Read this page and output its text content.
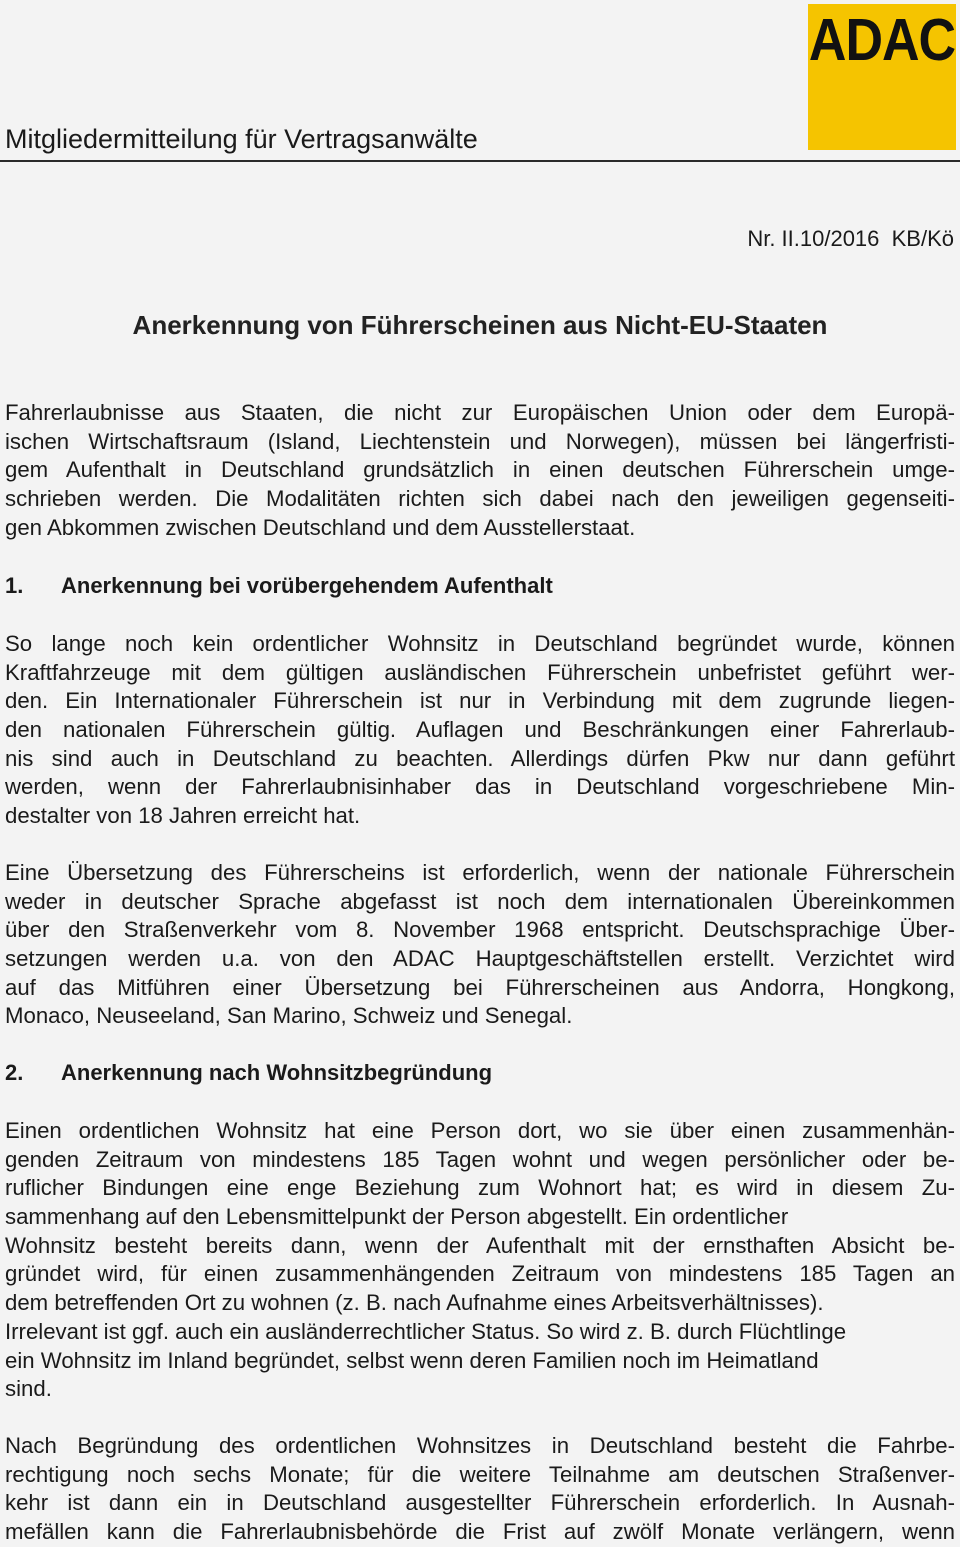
ADAC
Mitgliedermitteilung für Vertragsanwälte
Nr. II.10/2016  KB/Kö
Anerkennung von Führerscheinen aus Nicht-EU-Staaten
Fahrerlaubnisse aus Staaten, die nicht zur Europäischen Union oder dem Europä-
ischen Wirtschaftsraum (Island, Liechtenstein und Norwegen), müssen bei längerfristi-
gem Aufenthalt in Deutschland grundsätzlich in einen deutschen Führerschein umge-
schrieben werden. Die Modalitäten richten sich dabei nach den jeweiligen gegenseiti-
gen Abkommen zwischen Deutschland und dem Ausstellerstaat.
1. Anerkennung bei vorübergehendem Aufenthalt
So lange noch kein ordentlicher Wohnsitz in Deutschland begründet wurde, können
Kraftfahrzeuge mit dem gültigen ausländischen Führerschein unbefristet geführt wer-
den. Ein Internationaler Führerschein ist nur in Verbindung mit dem zugrunde liegen-
den nationalen Führerschein gültig. Auflagen und Beschränkungen einer Fahrerlaub-
nis sind auch in Deutschland zu beachten. Allerdings dürfen Pkw nur dann geführt
werden, wenn der Fahrerlaubnisinhaber das in Deutschland vorgeschriebene Min-
destalter von 18 Jahren erreicht hat.
Eine Übersetzung des Führerscheins ist erforderlich, wenn der nationale Führerschein
weder in deutscher Sprache abgefasst ist noch dem internationalen Übereinkommen
über den Straßenverkehr vom 8. November 1968 entspricht. Deutschsprachige Über-
setzungen werden u.a. von den ADAC Hauptgeschäftstellen erstellt. Verzichtet wird
auf das Mitführen einer Übersetzung bei Führerscheinen aus Andorra, Hongkong,
Monaco, Neuseeland, San Marino, Schweiz und Senegal.
2. Anerkennung nach Wohnsitzbegründung
Einen ordentlichen Wohnsitz hat eine Person dort, wo sie über einen zusammenhän-
genden Zeitraum von mindestens 185 Tagen wohnt und wegen persönlicher oder be-
ruflicher Bindungen eine enge Beziehung zum Wohnort hat; es wird in diesem Zu-
sammenhang auf den Lebensmittelpunkt der Person abgestellt. Ein ordentlicher
Wohnsitz besteht bereits dann, wenn der Aufenthalt mit der ernsthaften Absicht be-
gründet wird, für einen zusammenhängenden Zeitraum von mindestens 185 Tagen an
dem betreffenden Ort zu wohnen (z. B. nach Aufnahme eines Arbeitsverhältnisses).
Irrelevant ist ggf. auch ein ausländerrechtlicher Status. So wird z. B. durch Flüchtlinge
ein Wohnsitz im Inland begründet, selbst wenn deren Familien noch im Heimatland
sind.
Nach Begründung des ordentlichen Wohnsitzes in Deutschland besteht die Fahrbe-
rechtigung noch sechs Monate; für die weitere Teilnahme am deutschen Straßenver-
kehr ist dann ein in Deutschland ausgestellter Führerschein erforderlich. In Ausnah-
mefällen kann die Fahrerlaubnisbehörde die Frist auf zwölf Monate verlängern, wenn
